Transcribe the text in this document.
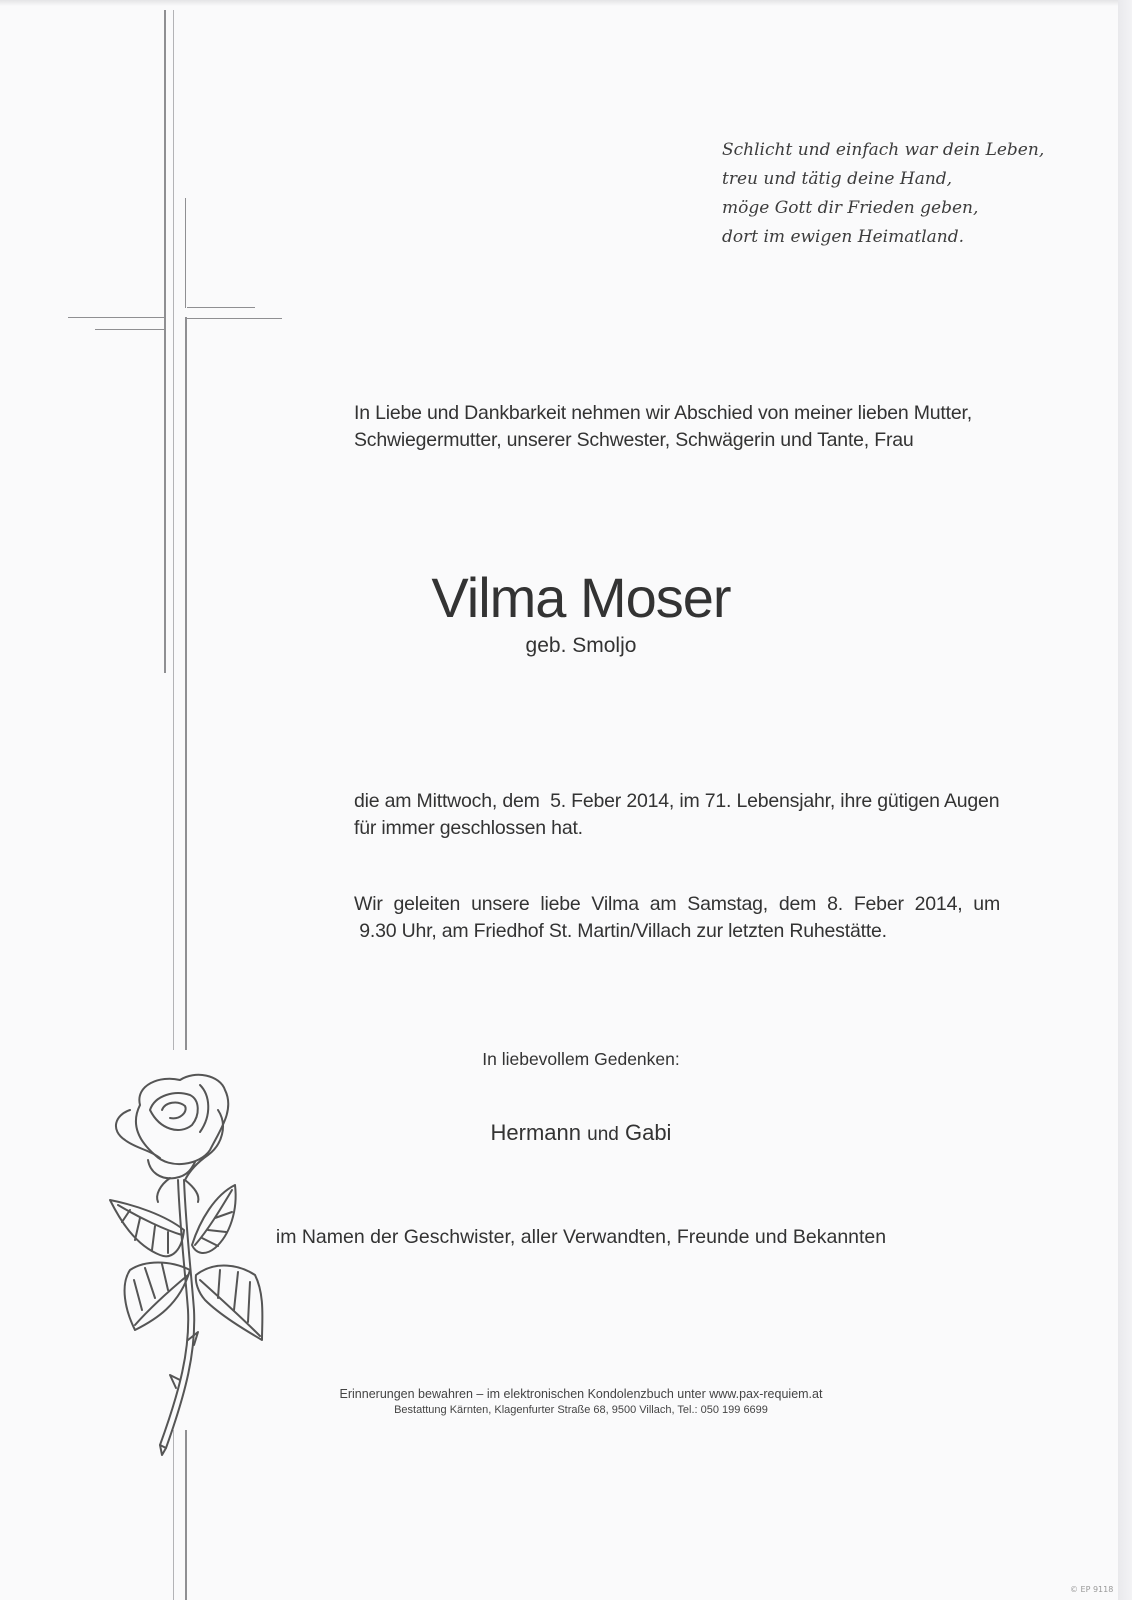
Schlicht und einfach war dein Leben,
treu und tätig deine Hand,
möge Gott dir Frieden geben,
dort im ewigen Heimatland.
In Liebe und Dankbarkeit nehmen wir Abschied von meiner lieben Mutter,
Schwiegermutter, unserer Schwester, Schwägerin und Tante, Frau
Vilma Moser
geb. Smoljo
die am Mittwoch, dem  5. Feber 2014, im 71. Lebensjahr, ihre gütigen Augen
für immer geschlossen hat.
Wir geleiten unsere liebe Vilma am Samstag, dem 8. Feber 2014, um
9.30 Uhr, am Friedhof St. Martin/Villach zur letzten Ruhestätte.
In liebevollem Gedenken:
Hermann und Gabi
im Namen der Geschwister, aller Verwandten, Freunde und Bekannten
Erinnerungen bewahren – im elektronischen Kondolenzbuch unter www.pax-requiem.at
Bestattung Kärnten, Klagenfurter Straße 68, 9500 Villach, Tel.: 050 199 6699
© EP 9118
